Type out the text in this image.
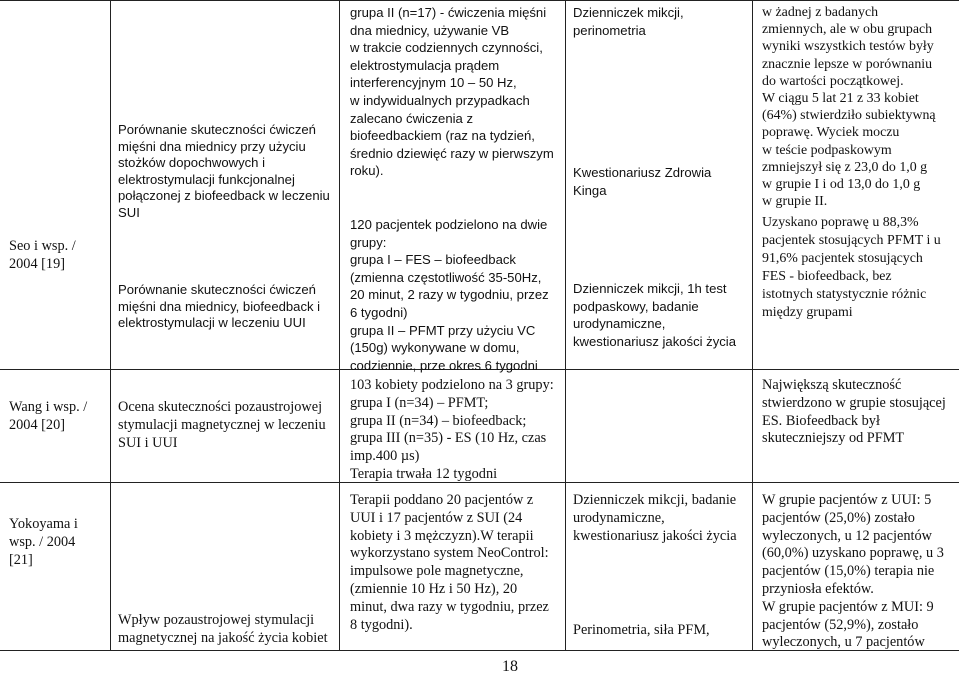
Seo i wsp. /
2004 [19]
Porównanie skuteczności ćwiczeń
mięśni dna miednicy przy użyciu
stożków dopochwowych i
elektrostymulacji funkcjonalnej
połączonej z biofeedback w leczeniu
SUI
Porównanie skuteczności ćwiczeń
mięśni dna miednicy, biofeedback i
elektrostymulacji w leczeniu UUI
grupa II (n=17) - ćwiczenia mięśni
dna miednicy, używanie VB
w trakcie codziennych czynności,
elektrostymulacja prądem
interferencyjnym 10 – 50 Hz,
w indywidualnych przypadkach
zalecano ćwiczenia z
biofeedbackiem (raz na tydzień,
średnio dziewięć razy w pierwszym
roku).
120 pacjentek podzielono na dwie
grupy:
grupa I – FES – biofeedback
(zmienna częstotliwość 35-50Hz,
20 minut, 2 razy w tygodniu, przez
6 tygodni)
grupa II – PFMT przy użyciu VC
(150g) wykonywane w domu,
codziennie, prze okres 6 tygodni
Dzienniczek mikcji,
perinometria
Kwestionariusz Zdrowia
Kinga
Dzienniczek mikcji, 1h test
podpaskowy, badanie
urodynamiczne,
kwestionariusz jakości życia
w żadnej z badanych
zmiennych, ale w obu grupach
wyniki wszystkich testów były
znacznie lepsze w porównaniu
do wartości początkowej.
W ciągu 5 lat 21 z 33 kobiet
(64%) stwierdziło subiektywną
poprawę. Wyciek moczu
w teście podpaskowym
zmniejszył się z 23,0 do 1,0 g
w grupie I i od 13,0 do 1,0 g
w grupie II.
Uzyskano poprawę u 88,3%
pacjentek stosujących PFMT i u
91,6% pacjentek stosujących
FES - biofeedback, bez
istotnych statystycznie różnic
między grupami
Wang i wsp. /
2004 [20]
Ocena skuteczności pozaustrojowej
stymulacji magnetycznej w leczeniu
SUI i UUI
103 kobiety podzielono na 3 grupy:
grupa I (n=34) – PFMT;
grupa II (n=34) – biofeedback;
grupa III (n=35) - ES (10 Hz, czas
imp.400 µs)
Terapia trwała 12 tygodni
Największą skuteczność
stwierdzono w grupie stosującej
ES. Biofeedback był
skuteczniejszy od PFMT
Yokoyama i
wsp. / 2004
[21]
Wpływ pozaustrojowej stymulacji
magnetycznej na jakość życia kobiet
Terapii poddano 20 pacjentów z
UUI i 17 pacjentów z SUI (24
kobiety i 3 mężczyzn).W terapii
wykorzystano system NeoControl:
impulsowe pole magnetyczne,
(zmiennie 10 Hz i 50 Hz), 20
minut, dwa razy w tygodniu, przez
8 tygodni).
Dzienniczek mikcji, badanie
urodynamiczne,
kwestionariusz jakości życia
Perinometria, siła PFM,
W grupie pacjentów z UUI: 5
pacjentów (25,0%) zostało
wyleczonych, u 12 pacjentów
(60,0%) uzyskano poprawę, u 3
pacjentów (15,0%) terapia nie
przyniosła efektów.
W grupie pacjentów z MUI: 9
pacjentów (52,9%), zostało
wyleczonych, u 7 pacjentów
18
